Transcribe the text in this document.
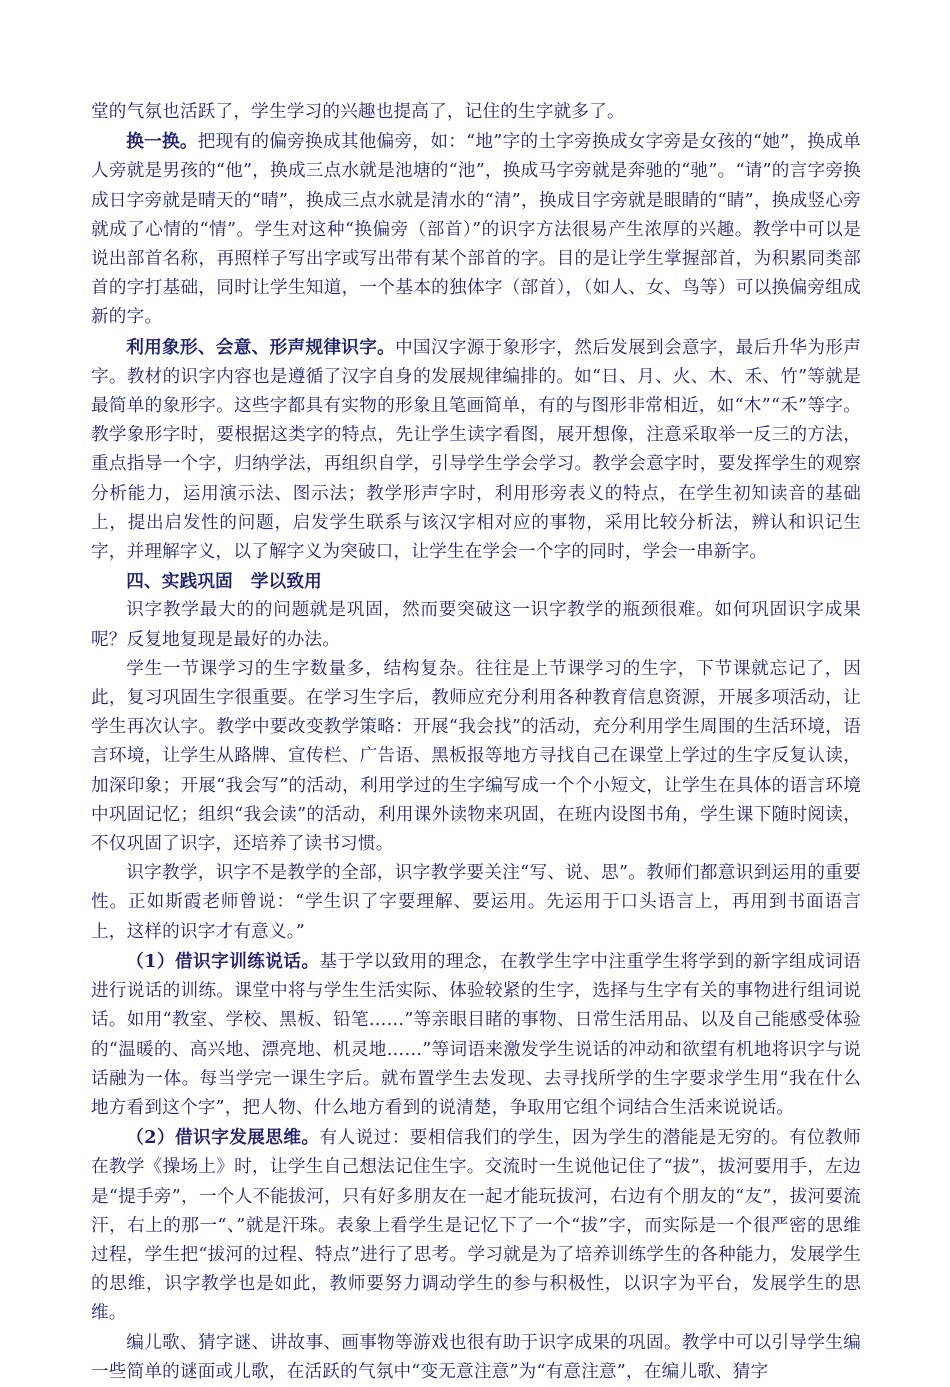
堂的气氛也活跃了，学生学习的兴趣也提高了，记住的生字就多了。

换一换。把现有的偏旁换成其他偏旁，如：“地”字的土字旁换成女字旁是女孩的“她”，换成单人旁就是男孩的“他”，换成三点水就是池塘的“池”，换成马字旁就是奔驰的“驰”。“请”的言字旁换成日字旁就是晴天的“晴”，换成三点水就是清水的“清”，换成目字旁就是眼睛的“睛”，换成竖心旁就成了心情的“情”。学生对这种“换偏旁（部首）”的识字方法很易产生浓厚的兴趣。教学中可以是说出部首名称，再照样子写出字或写出带有某个部首的字。目的是让学生掌握部首，为积累同类部首的字打基础，同时让学生知道，一个基本的独体字（部首），（如人、女、鸟等）可以换偏旁组成新的字。

利用象形、会意、形声规律识字。中国汉字源于象形字，然后发展到会意字，最后升华为形声字。教材的识字内容也是遵循了汉字自身的发展规律编排的。如“日、月、火、木、禾、竹”等就是最简单的象形字。这些字都具有实物的形象且笔画简单，有的与图形非常相近，如“木”“禾”等字。教学象形字时，要根据这类字的特点，先让学生读字看图，展开想像，注意采取举一反三的方法，重点指导一个字，归纳学法，再组织自学，引导学生学会学习。教学会意字时，要发挥学生的观察分析能力，运用演示法、图示法；教学形声字时，利用形旁表义的特点，在学生初知读音的基础上，提出启发性的问题，启发学生联系与该汉字相对应的事物，采用比较分析法，辨认和识记生字，并理解字义，以了解字义为突破口，让学生在学会一个字的同时，学会一串新字。

四、实践巩固　学以致用

识字教学最大的的问题就是巩固，然而要突破这一识字教学的瓶颈很难。如何巩固识字成果呢？反复地复现是最好的办法。

学生一节课学习的生字数量多，结构复杂。往往是上节课学习的生字，下节课就忘记了，因此，复习巩固生字很重要。在学习生字后，教师应充分利用各种教育信息资源，开展多项活动，让学生再次认字。教学中要改变教学策略：开展“我会找”的活动，充分利用学生周围的生活环境，语言环境，让学生从路牌、宣传栏、广告语、黑板报等地方寻找自己在课堂上学过的生字反复认读，加深印象；开展“我会写”的活动，利用学过的生字编写成一个个小短文，让学生在具体的语言环境中巩固记忆；组织“我会读”的活动，利用课外读物来巩固，在班内设图书角，学生课下随时阅读，不仅巩固了识字，还培养了读书习惯。

识字教学，识字不是教学的全部，识字教学要关注“写、说、思”。教师们都意识到运用的重要性。正如斯霞老师曾说：“学生识了字要理解、要运用。先运用于口头语言上，再用到书面语言上，这样的识字才有意义。”

（1）借识字训练说话。基于学以致用的理念，在教学生字中注重学生将学到的新字组成词语进行说话的训练。课堂中将与学生生活实际、体验较紧的生字，选择与生字有关的事物进行组词说话。如用“教室、学校、黑板、铅笔……”等亲眼目睹的事物、日常生活用品、以及自己能感受体验的“温暖的、高兴地、漂亮地、机灵地……”等词语来激发学生说话的冲动和欲望有机地将识字与说话融为一体。每当学完一课生字后。就布置学生去发现、去寻找所学的生字要求学生用“我在什么地方看到这个字”，把人物、什么地方看到的说清楚，争取用它组个词结合生活来说说话。

（2）借识字发展思维。有人说过：要相信我们的学生，因为学生的潜能是无穷的。有位教师在教学《操场上》时，让学生自己想法记住生字。交流时一生说他记住了“拔”，拔河要用手，左边是“提手旁”，一个人不能拔河，只有好多朋友在一起才能玩拔河，右边有个朋友的“友”，拔河要流汗，右上的那一“、”就是汗珠。表象上看学生是记忆下了一个“拔”字，而实际是一个很严密的思维过程，学生把“拔河的过程、特点”进行了思考。学习就是为了培养训练学生的各种能力，发展学生的思维，识字教学也是如此，教师要努力调动学生的参与积极性，以识字为平台，发展学生的思维。

编儿歌、猜字谜、讲故事、画事物等游戏也很有助于识字成果的巩固。教学中可以引导学生编一些简单的谜面或儿歌，在活跃的气氛中“变无意注意”为“有意注意”，在编儿歌、猜字
